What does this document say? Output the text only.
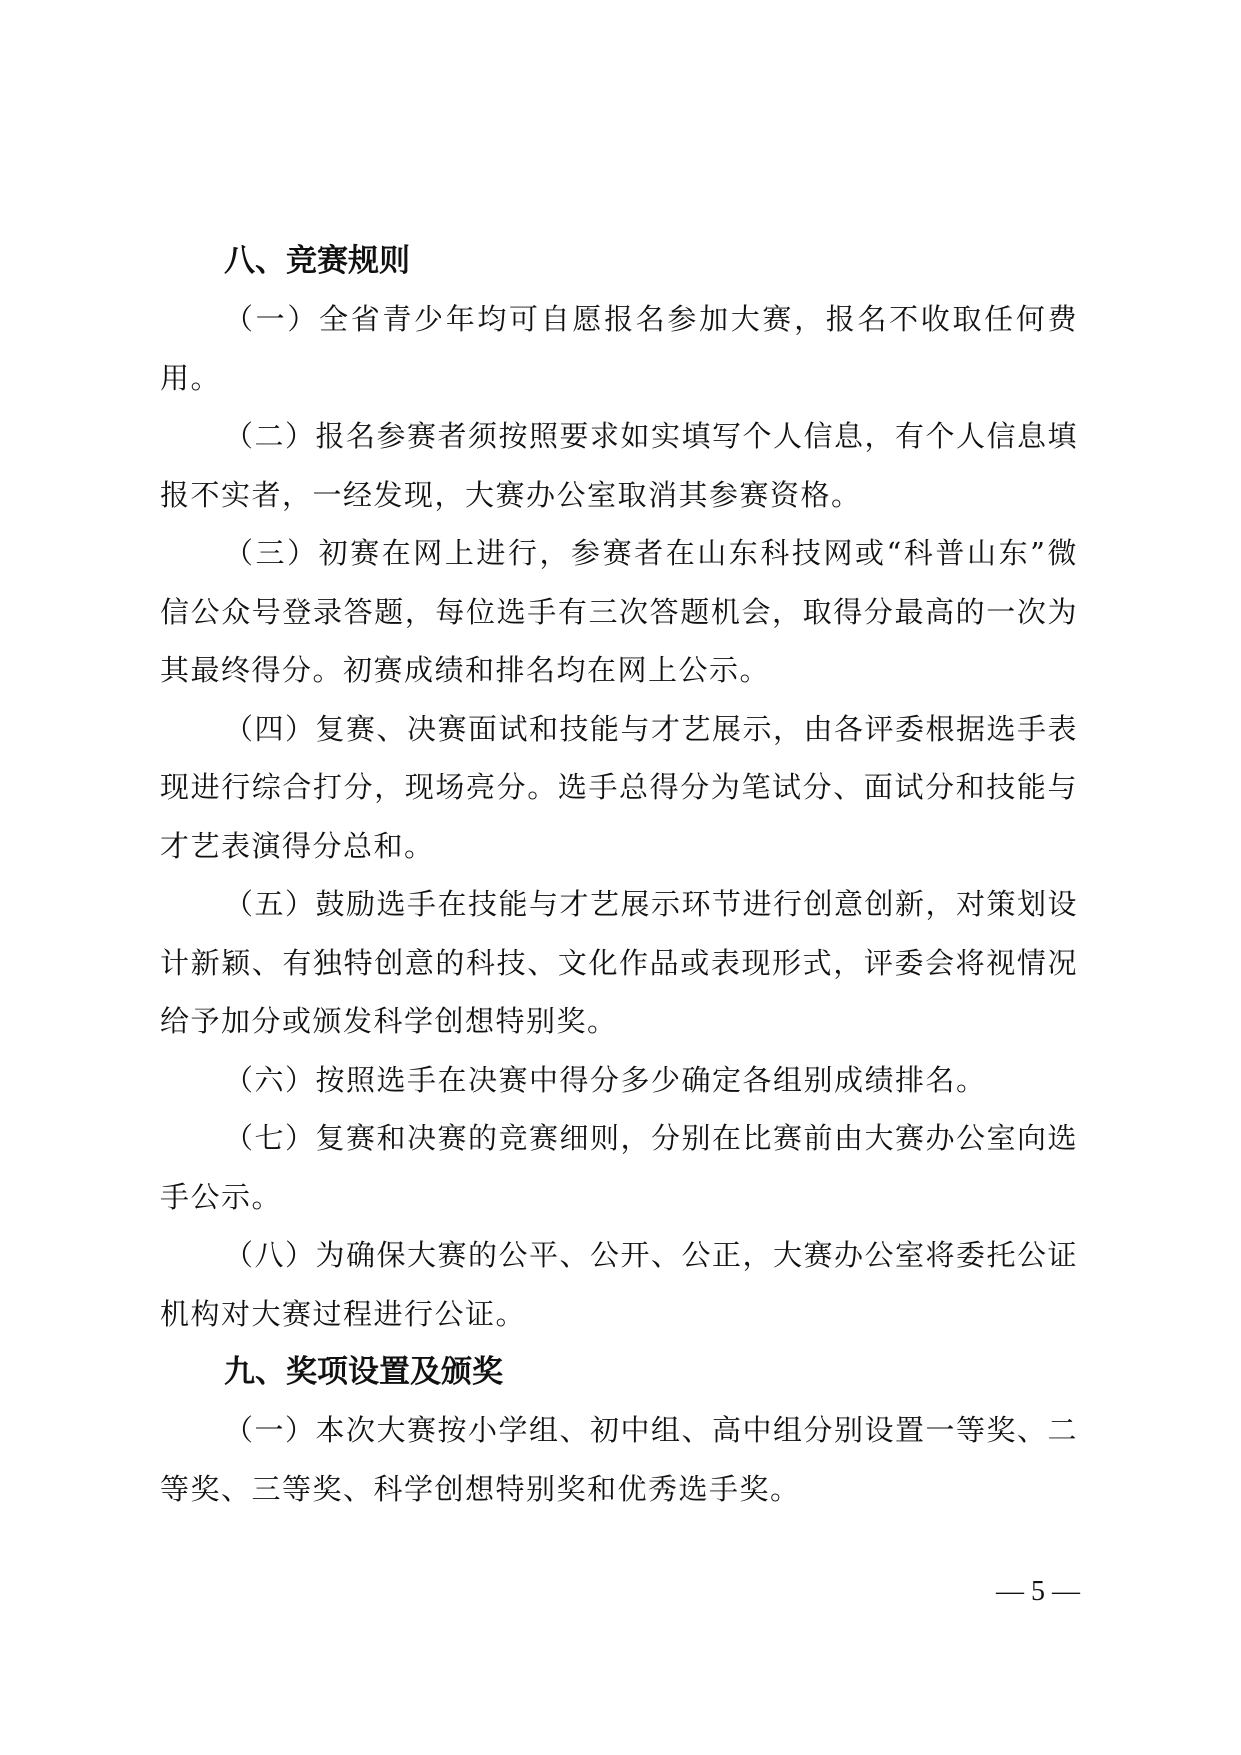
八、竞赛规则

（一）全省青少年均可自愿报名参加大赛，报名不收取任何费用。

（二）报名参赛者须按照要求如实填写个人信息，有个人信息填报不实者，一经发现，大赛办公室取消其参赛资格。

（三）初赛在网上进行，参赛者在山东科技网或“科普山东”微信公众号登录答题，每位选手有三次答题机会，取得分最高的一次为其最终得分。初赛成绩和排名均在网上公示。

（四）复赛、决赛面试和技能与才艺展示，由各评委根据选手表现进行综合打分，现场亮分。选手总得分为笔试分、面试分和技能与才艺表演得分总和。

（五）鼓励选手在技能与才艺展示环节进行创意创新，对策划设计新颖、有独特创意的科技、文化作品或表现形式，评委会将视情况给予加分或颁发科学创想特别奖。

（六）按照选手在决赛中得分多少确定各组别成绩排名。

（七）复赛和决赛的竞赛细则，分别在比赛前由大赛办公室向选手公示。

（八）为确保大赛的公平、公开、公正，大赛办公室将委托公证机构对大赛过程进行公证。

九、奖项设置及颁奖

（一）本次大赛按小学组、初中组、高中组分别设置一等奖、二等奖、三等奖、科学创想特别奖和优秀选手奖。

— 5 —
